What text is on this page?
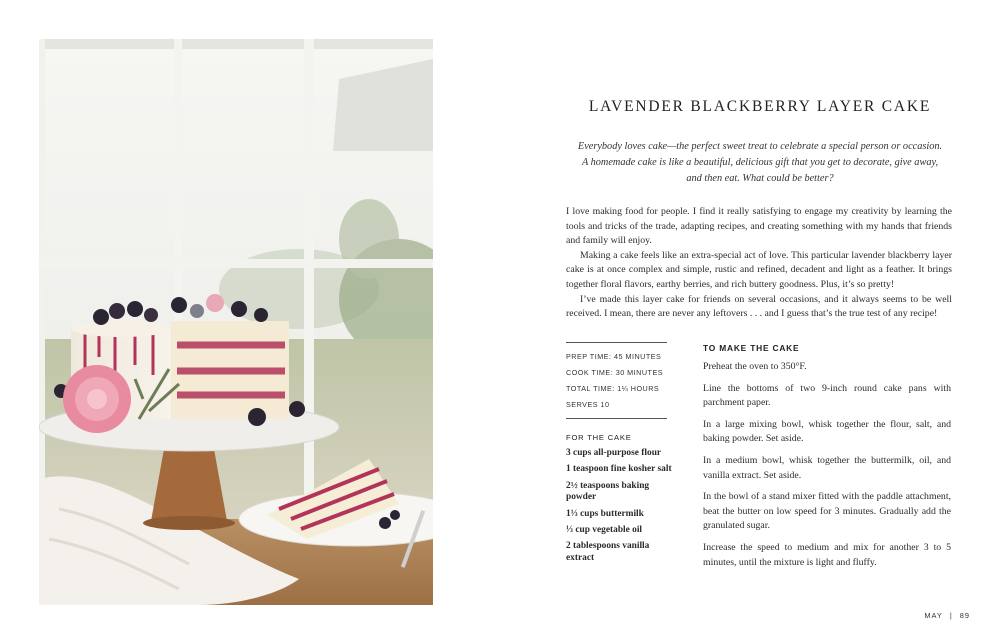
LAVENDER BLACKBERRY LAYER CAKE

Everybody loves cake—the perfect sweet treat to celebrate a special person or occasion. A homemade cake is like a beautiful, delicious gift that you get to decorate, give away, and then eat. What could be better?

I love making food for people. I find it really satisfying to engage my creativity by learning the tools and tricks of the trade, adapting recipes, and creating something with my hands that friends and family will enjoy.

Making a cake feels like an extra-special act of love. This particular lavender blackberry layer cake is at once complex and simple, rustic and refined, decadent and light as a feather. It brings together floral flavors, earthy berries, and rich buttery goodness. Plus, it’s so pretty!

I’ve made this layer cake for friends on several occasions, and it always seems to be well received. I mean, there are never any leftovers . . . and I guess that’s the true test of any recipe!

PREP TIME: 45 MINUTES
COOK TIME: 30 MINUTES
TOTAL TIME: 1¼ HOURS
SERVES 10

FOR THE CAKE

3 cups all-purpose flour
1 teaspoon fine kosher salt
2½ teaspoons baking powder
1⅓ cups buttermilk
⅓ cup vegetable oil
2 tablespoons vanilla extract

TO MAKE THE CAKE

Preheat the oven to 350°F.
Line the bottoms of two 9-inch round cake pans with parchment paper.
In a large mixing bowl, whisk together the flour, salt, and baking powder. Set aside.
In a medium bowl, whisk together the buttermilk, oil, and vanilla extract. Set aside.
In the bowl of a stand mixer fitted with the paddle attachment, beat the butter on low speed for 3 minutes. Gradually add the granulated sugar.
Increase the speed to medium and mix for another 3 to 5 minutes, until the mixture is light and fluffy.
MAY | 89
